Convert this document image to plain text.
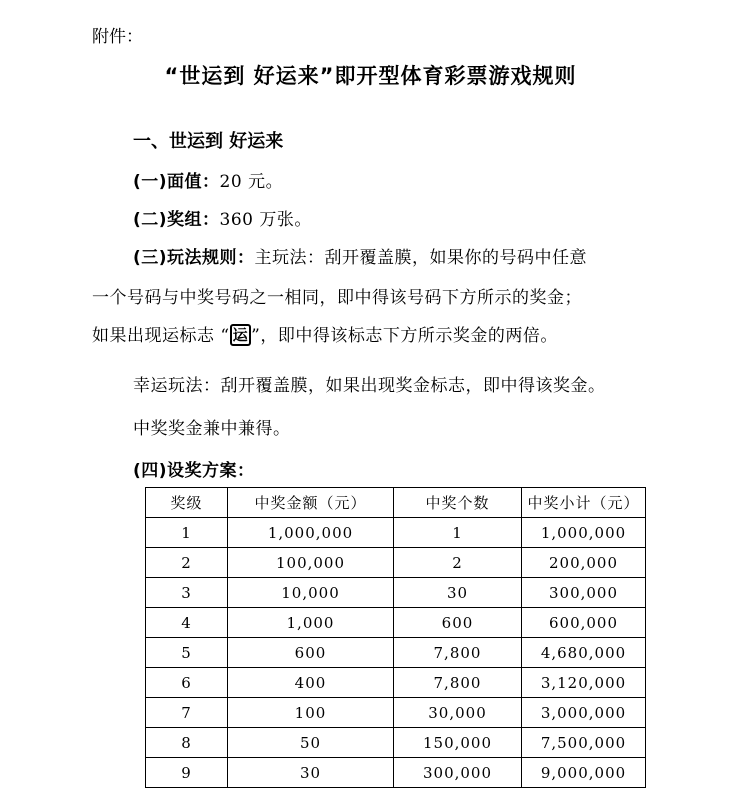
附件：
“世运到 好运来”即开型体育彩票游戏规则
一、世运到 好运来
(一)面值：20 元。
(二)奖组：360 万张。
(三)玩法规则：主玩法：刮开覆盖膜，如果你的号码中任意
一个号码与中奖号码之一相同，即中得该号码下方所示的奖金；
如果出现运标志 “ 运 ”，即中得该标志下方所示奖金的两倍。
幸运玩法：刮开覆盖膜，如果出现奖金标志，即中得该奖金。
中奖奖金兼中兼得。
(四)设奖方案：
奖级	中奖金额（元）	中奖个数	中奖小计（元）
1	1,000,000	1	1,000,000
2	100,000	2	200,000
3	10,000	30	300,000
4	1,000	600	600,000
5	600	7,800	4,680,000
6	400	7,800	3,120,000
7	100	30,000	3,000,000
8	50	150,000	7,500,000
9	30	300,000	9,000,000
